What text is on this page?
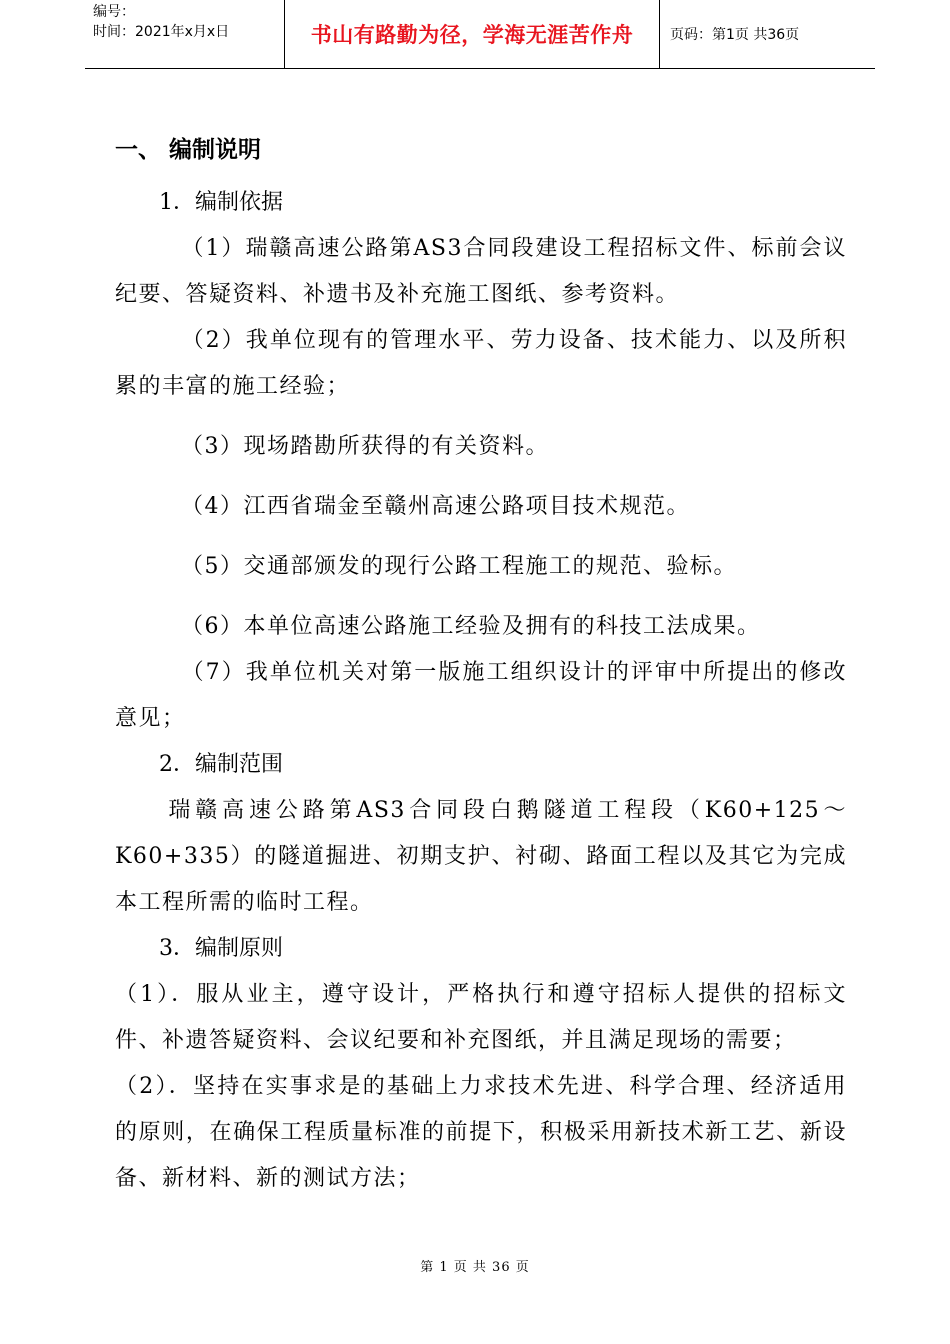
编号：
时间：2021年x月x日	书山有路勤为径，学海无涯苦作舟	页码：第1页 共36页

一、 编制说明

1．编制依据

（1）瑞赣高速公路第AS3合同段建设工程招标文件、标前会议纪要、答疑资料、补遗书及补充施工图纸、参考资料。

（2）我单位现有的管理水平、劳力设备、技术能力、以及所积累的丰富的施工经验；

（3）现场踏勘所获得的有关资料。

（4）江西省瑞金至赣州高速公路项目技术规范。

（5）交通部颁发的现行公路工程施工的规范、验标。

（6）本单位高速公路施工经验及拥有的科技工法成果。

（7）我单位机关对第一版施工组织设计的评审中所提出的修改意见；

2．编制范围

瑞赣高速公路第AS3合同段白鹅隧道工程段（K60+125～K60+335）的隧道掘进、初期支护、衬砌、路面工程以及其它为完成本工程所需的临时工程。

3．编制原则

（1）．服从业主，遵守设计，严格执行和遵守招标人提供的招标文件、补遗答疑资料、会议纪要和补充图纸，并且满足现场的需要；

（2）．坚持在实事求是的基础上力求技术先进、科学合理、经济适用的原则，在确保工程质量标准的前提下，积极采用新技术新工艺、新设备、新材料、新的测试方法；

第 1 页 共 36 页
